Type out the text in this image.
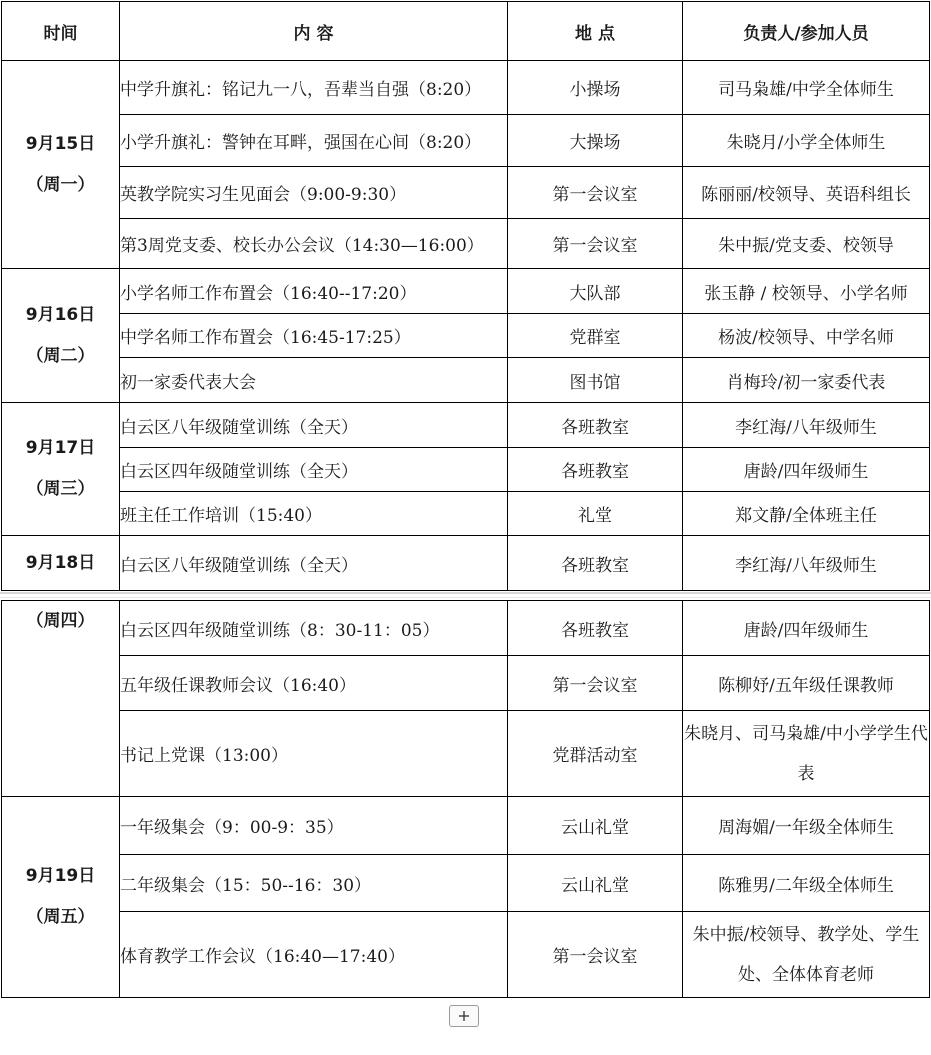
时间	内 容	地 点	负责人/参加人员

9月15日
（周一）	中学升旗礼：铭记九一八，吾辈当自强（8:20）	小操场	司马枭雄/中学全体师生
	小学升旗礼：警钟在耳畔，强国在心间（8:20）	大操场	朱晓月/小学全体师生
	英教学院实习生见面会（9:00-9:30）	第一会议室	陈丽丽/校领导、英语科组长
	第3周党支委、校长办公会议（14:30—16:00）	第一会议室	朱中振/党支委、校领导

9月16日
（周二）	小学名师工作布置会（16:40--17:20）	大队部	张玉静 / 校领导、小学名师
	中学名师工作布置会（16:45-17:25）	党群室	杨波/校领导、中学名师
	初一家委代表大会	图书馆	肖梅玲/初一家委代表

9月17日
（周三）	白云区八年级随堂训练（全天）	各班教室	李红海/八年级师生
	白云区四年级随堂训练（全天）	各班教室	唐龄/四年级师生
	班主任工作培训（15:40）	礼堂	郑文静/全体班主任

9月18日	白云区八年级随堂训练（全天）	各班教室	李红海/八年级师生
（周四）	白云区四年级随堂训练（8：30-11：05）	各班教室	唐龄/四年级师生
	五年级任课教师会议（16:40）	第一会议室	陈柳妤/五年级任课教师
	书记上党课（13:00）	党群活动室	朱晓月、司马枭雄/中小学学生代表

9月19日
（周五）	一年级集会（9：00-9：35）	云山礼堂	周海媚/一年级全体师生
	二年级集会（15：50--16：30）	云山礼堂	陈雅男/二年级全体师生
	体育教学工作会议（16:40—17:40）	第一会议室	朱中振/校领导、教学处、学生处、全体体育老师
